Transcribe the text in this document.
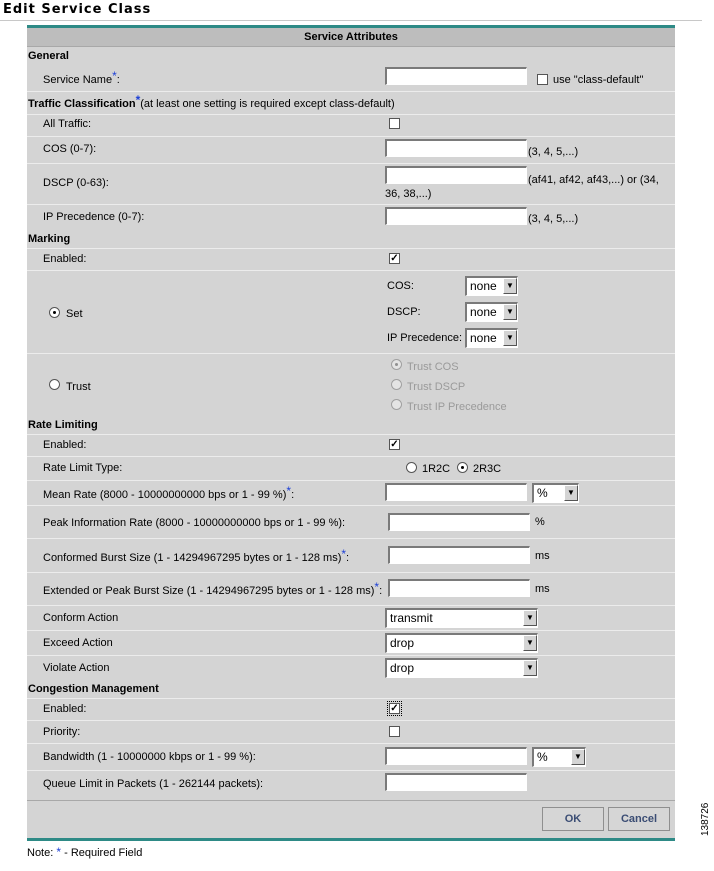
Edit Service Class
Service Attributes
General
Service Name*:	use "class-default"
Traffic Classification*(at least one setting is required except class-default)
All Traffic:
COS (0-7):	(3, 4, 5,...)
DSCP (0-63):	(af41, af42, af43,...) or (34,
36, 38,...)
IP Precedence (0-7):	(3, 4, 5,...)
Marking
Enabled:	✓
Set
COS:	none	▼
DSCP:	none	▼
IP Precedence: none	▼
Trust
Trust COS
Trust DSCP
Trust IP Precedence
Rate Limiting
Enabled:	✓
Rate Limit Type:	1R2C 2R3C
Mean Rate (8000 - 10000000000 bps or 1 - 99 %)*:	%	▼
Peak Information Rate (8000 - 10000000000 bps or 1 - 99 %):	%
Conformed Burst Size (1 - 14294967295 bytes or 1 - 128 ms)*:	ms
Extended or Peak Burst Size (1 - 14294967295 bytes or 1 - 128 ms)*:	ms
Conform Action	transmit	▼
Exceed Action	drop	▼
Violate Action	drop	▼
Congestion Management
Enabled:	✓
Priority:
Bandwidth (1 - 10000000 kbps or 1 - 99 %):	%	▼
Queue Limit in Packets (1 - 262144 packets):
OK	Cancel
Note: * - Required Field
138726
